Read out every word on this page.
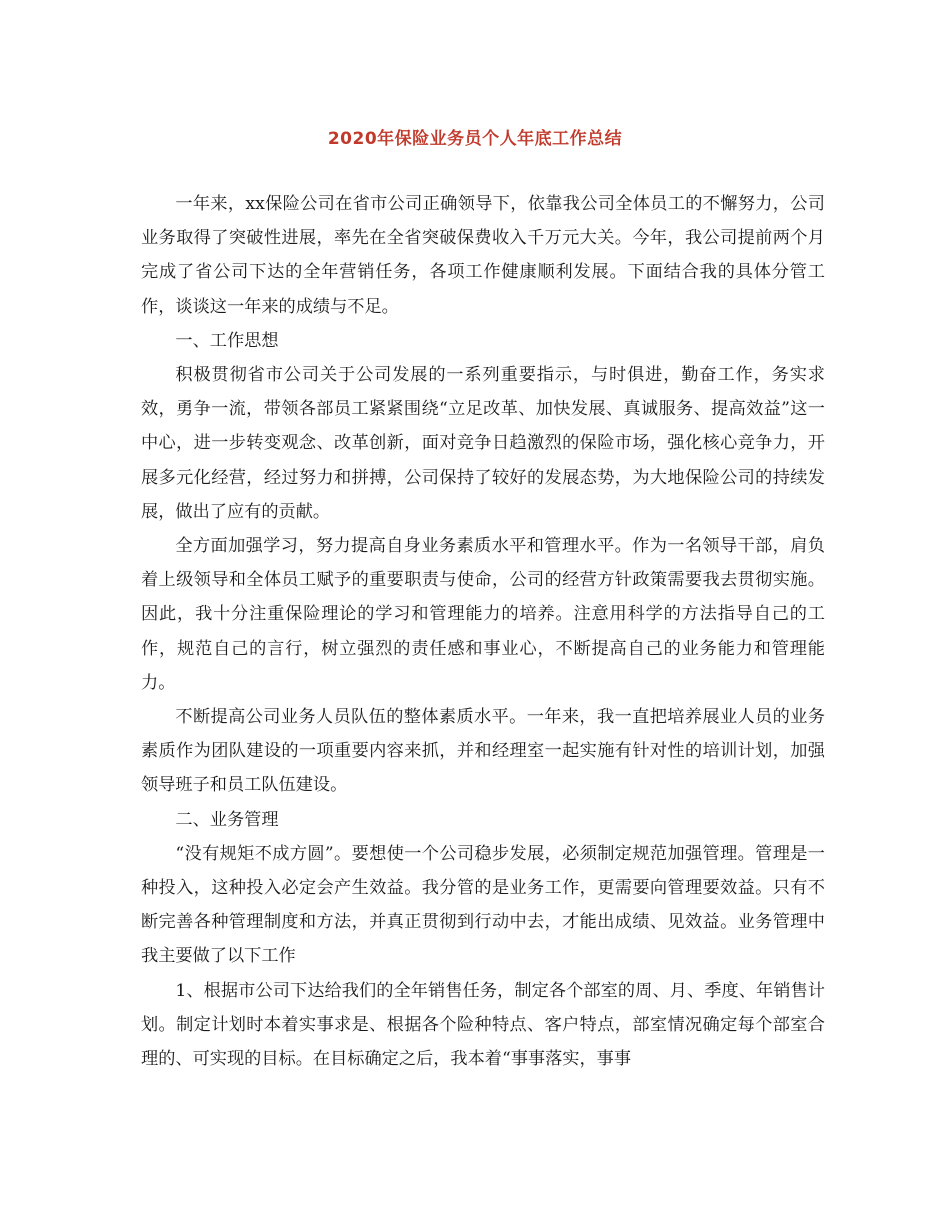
2020年保险业务员个人年底工作总结

一年来，xx保险公司在省市公司正确领导下，依靠我公司全体员工的不懈努力，公司业务取得了突破性进展，率先在全省突破保费收入千万元大关。今年，我公司提前两个月完成了省公司下达的全年营销任务，各项工作健康顺利发展。下面结合我的具体分管工作，谈谈这一年来的成绩与不足。

一、工作思想

积极贯彻省市公司关于公司发展的一系列重要指示，与时俱进，勤奋工作，务实求效，勇争一流，带领各部员工紧紧围绕“立足改革、加快发展、真诚服务、提高效益”这一中心，进一步转变观念、改革创新，面对竞争日趋激烈的保险市场，强化核心竞争力，开展多元化经营，经过努力和拼搏，公司保持了较好的发展态势，为大地保险公司的持续发展，做出了应有的贡献。

全方面加强学习，努力提高自身业务素质水平和管理水平。作为一名领导干部，肩负着上级领导和全体员工赋予的重要职责与使命，公司的经营方针政策需要我去贯彻实施。因此，我十分注重保险理论的学习和管理能力的培养。注意用科学的方法指导自己的工作，规范自己的言行，树立强烈的责任感和事业心，不断提高自己的业务能力和管理能力。

不断提高公司业务人员队伍的整体素质水平。一年来，我一直把培养展业人员的业务素质作为团队建设的一项重要内容来抓，并和经理室一起实施有针对性的培训计划，加强领导班子和员工队伍建设。

二、业务管理

“没有规矩不成方圆”。要想使一个公司稳步发展，必须制定规范加强管理。管理是一种投入，这种投入必定会产生效益。我分管的是业务工作，更需要向管理要效益。只有不断完善各种管理制度和方法，并真正贯彻到行动中去，才能出成绩、见效益。业务管理中我主要做了以下工作

1、根据市公司下达给我们的全年销售任务，制定各个部室的周、月、季度、年销售计划。制定计划时本着实事求是、根据各个险种特点、客户特点，部室情况确定每个部室合理的、可实现的目标。在目标确定之后，我本着“事事落实，事事
